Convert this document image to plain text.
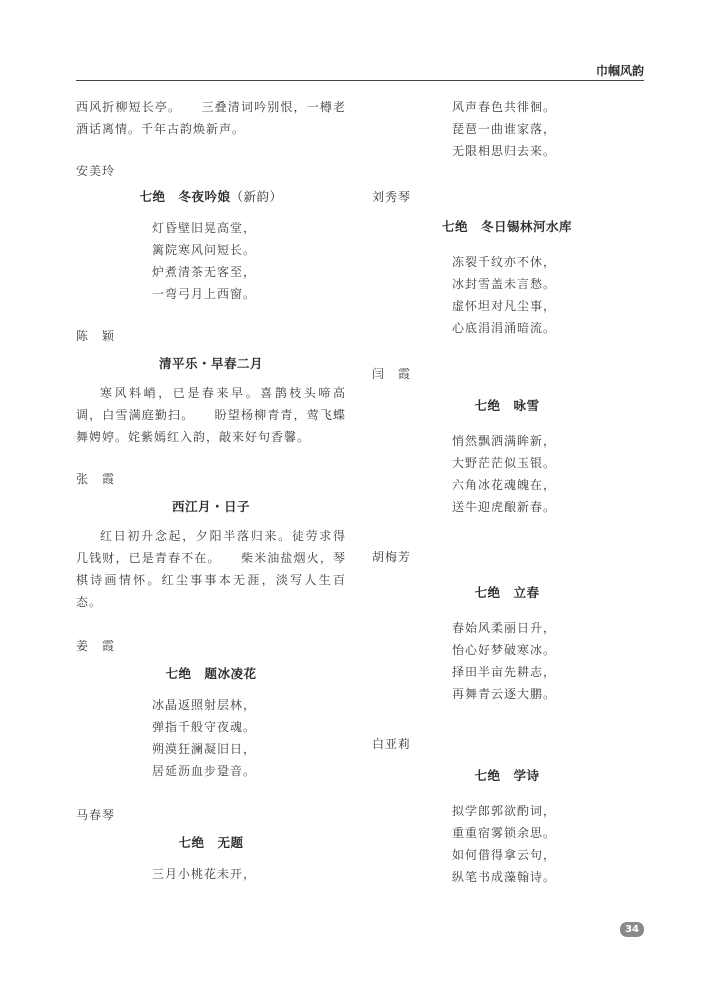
巾帼风韵

西风折柳短长亭。　　三叠清词吟别恨，一樽老酒话离情。千年古韵焕新声。

安美玲

七绝　冬夜吟娘（新韵）

灯昏壁旧晃高堂，
篱院寒风问短长。
炉煮清茶无客至，
一弯弓月上西窗。

陈　颖

清平乐・早春二月

寒风料峭，已是春来早。喜鹊枝头啼高调，白雪满庭勤扫。　　盼望杨柳青青，莺飞蝶舞娉婷。姹紫嫣红入韵，敲来好句香馨。

张　霞

西江月・日子

红日初升念起，夕阳半落归来。徒劳求得几钱财，已是青春不在。　　柴米油盐烟火，琴棋诗画情怀。红尘事事本无涯，淡写人生百态。

姜　霞

七绝　题冰凌花

冰晶返照射层林，
弹指千般守夜魂。
朔漠狂澜凝旧日，
居延沥血步跫音。

马春琴

七绝　无题

三月小桃花未开，
风声春色共徘徊。
琵琶一曲谁家落，
无限相思归去来。

刘秀琴

七绝　冬日锡林河水库

冻裂千纹亦不休，
冰封雪盖未言愁。
虚怀坦对凡尘事，
心底涓涓涌暗流。

闫　霞

七绝　咏雪

悄然飘洒满眸新，
大野茫茫似玉银。
六角冰花魂魄在，
送牛迎虎酿新春。

胡梅芳

七绝　立春

春始风柔丽日升，
怡心好梦破寒冰。
择田半亩先耕志，
再舞青云逐大鹏。

白亚莉

七绝　学诗

拟学郎郭欲酌词，
重重宿雾锁余思。
如何借得拿云句，
纵笔书成藻翰诗。
34
